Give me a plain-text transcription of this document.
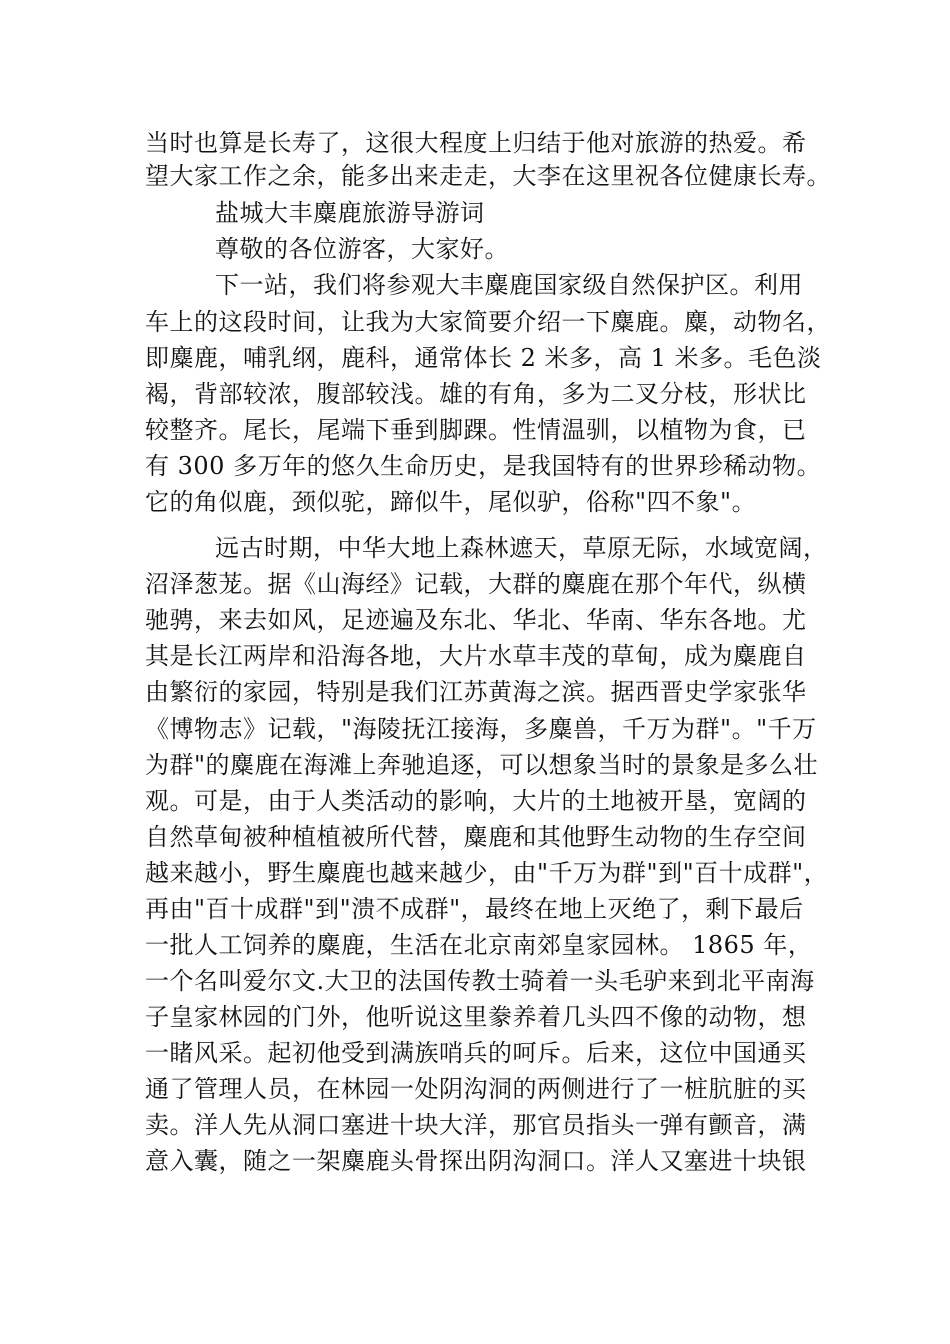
当时也算是长寿了，这很大程度上归结于他对旅游的热爱。希
望大家工作之余，能多出来走走，大李在这里祝各位健康长寿。
盐城大丰麋鹿旅游导游词
尊敬的各位游客，大家好。
下一站，我们将参观大丰麋鹿国家级自然保护区。利用
车上的这段时间，让我为大家简要介绍一下麋鹿。麋，动物名，
即麋鹿，哺乳纲，鹿科，通常体长 2 米多，高 1 米多。毛色淡
褐，背部较浓，腹部较浅。雄的有角，多为二叉分枝，形状比
较整齐。尾长，尾端下垂到脚踝。性情温驯，以植物为食，已
有 300 多万年的悠久生命历史，是我国特有的世界珍稀动物。
它的角似鹿，颈似驼，蹄似牛，尾似驴，俗称"四不象"。
远古时期，中华大地上森林遮天，草原无际，水域宽阔，
沼泽葱茏。据《山海经》记载，大群的麋鹿在那个年代，纵横
驰骋，来去如风，足迹遍及东北、华北、华南、华东各地。尤
其是长江两岸和沿海各地，大片水草丰茂的草甸，成为麋鹿自
由繁衍的家园，特别是我们江苏黄海之滨。据西晋史学家张华
《博物志》记载，"海陵抚江接海，多麋兽，千万为群"。"千万
为群"的麋鹿在海滩上奔驰追逐，可以想象当时的景象是多么壮
观。可是，由于人类活动的影响，大片的土地被开垦，宽阔的
自然草甸被种植植被所代替，麋鹿和其他野生动物的生存空间
越来越小，野生麋鹿也越来越少，由"千万为群"到"百十成群"，
再由"百十成群"到"溃不成群"，最终在地上灭绝了，剩下最后
一批人工饲养的麋鹿，生活在北京南郊皇家园林。 1865 年，
一个名叫爱尔文.大卫的法国传教士骑着一头毛驴来到北平南海
子皇家林园的门外，他听说这里豢养着几头四不像的动物，想
一睹风采。起初他受到满族哨兵的呵斥。后来，这位中国通买
通了管理人员，在林园一处阴沟洞的两侧进行了一桩肮脏的买
卖。洋人先从洞口塞进十块大洋，那官员指头一弹有颤音，满
意入囊，随之一架麋鹿头骨探出阴沟洞口。洋人又塞进十块银
